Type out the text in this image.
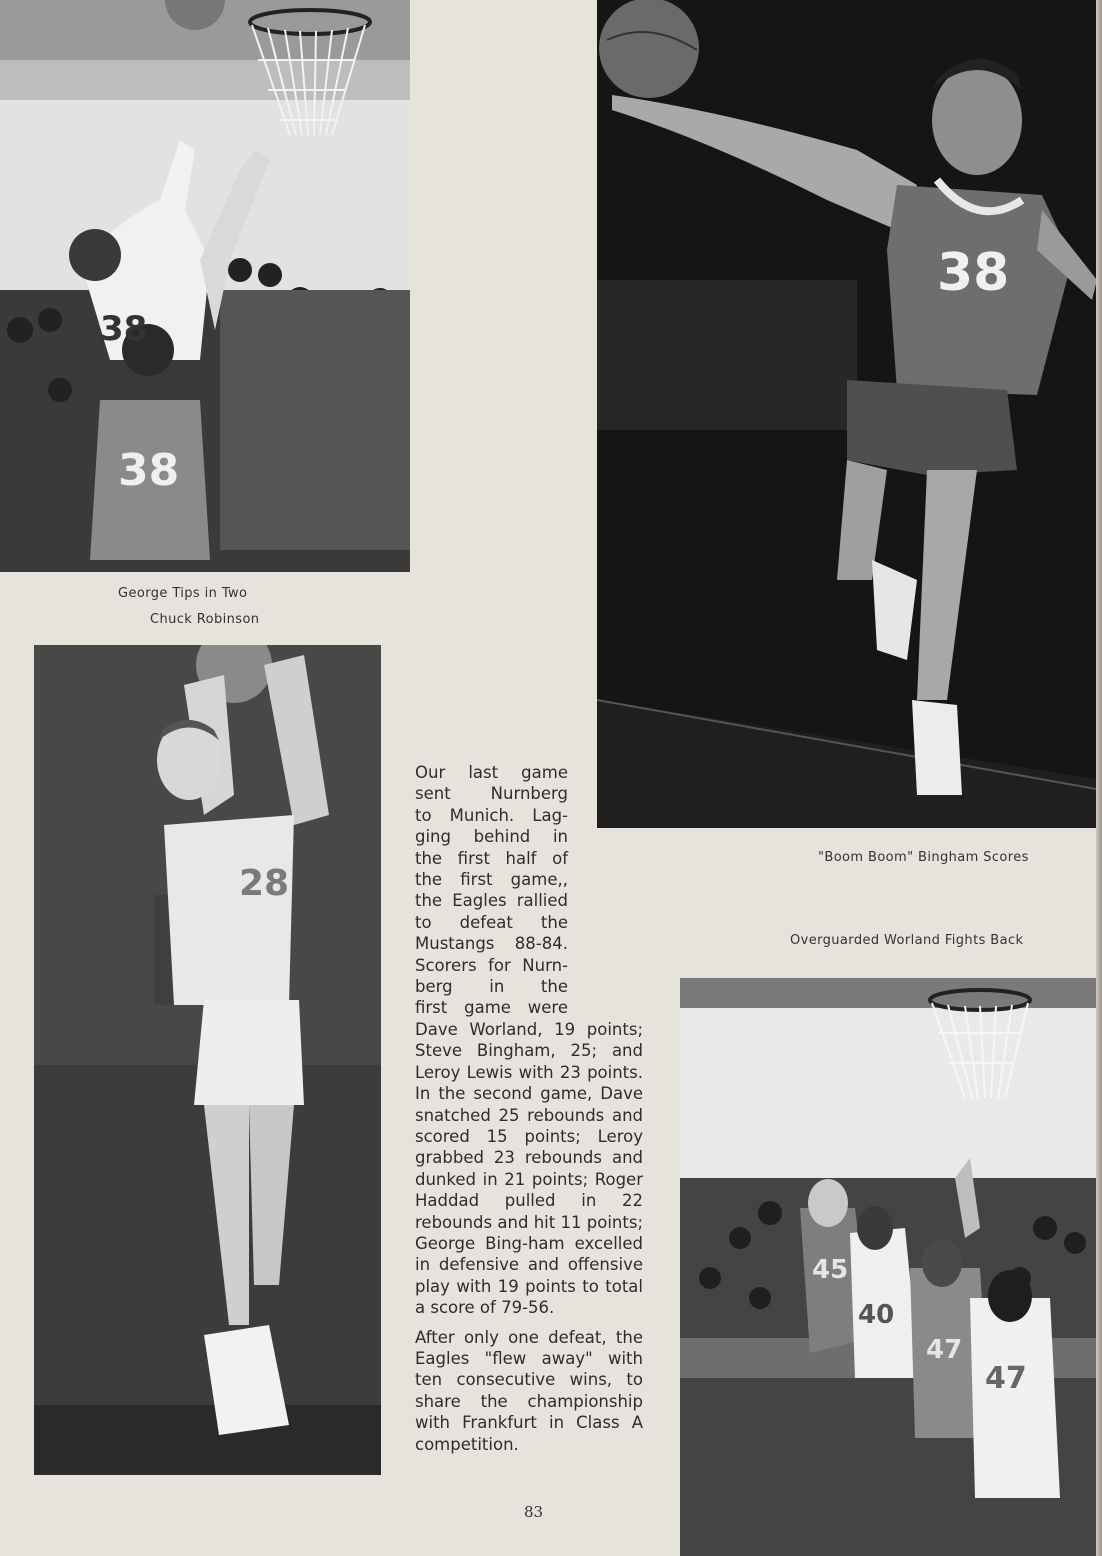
38
38
George Tips in Two
Chuck Robinson
38
"Boom Boom" Bingham Scores
Overguarded Worland Fights Back
28

Our last game
sent Nurnberg
to Munich. Lag-
ging behind in
the first half of
the first game,,
the Eagles rallied
to defeat the
Mustangs 88-84.
Scorers for Nurn-
berg in the
first game were
Dave Worland, 19 points; Steve Bingham, 25; and Leroy Lewis with 23 points. In the second game, Dave snatched 25 rebounds and scored 15 points; Leroy grabbed 23 rebounds and dunked in 21 points; Roger Haddad pulled in 22 rebounds and hit 11 points; George Bing-ham excelled in defensive and offensive play with 19 points to total a score of 79-56.

After only one defeat, the Eagles "flew away" with ten consecutive wins, to share the championship with Frankfurt in Class A competition.

45
40
47
47
83
